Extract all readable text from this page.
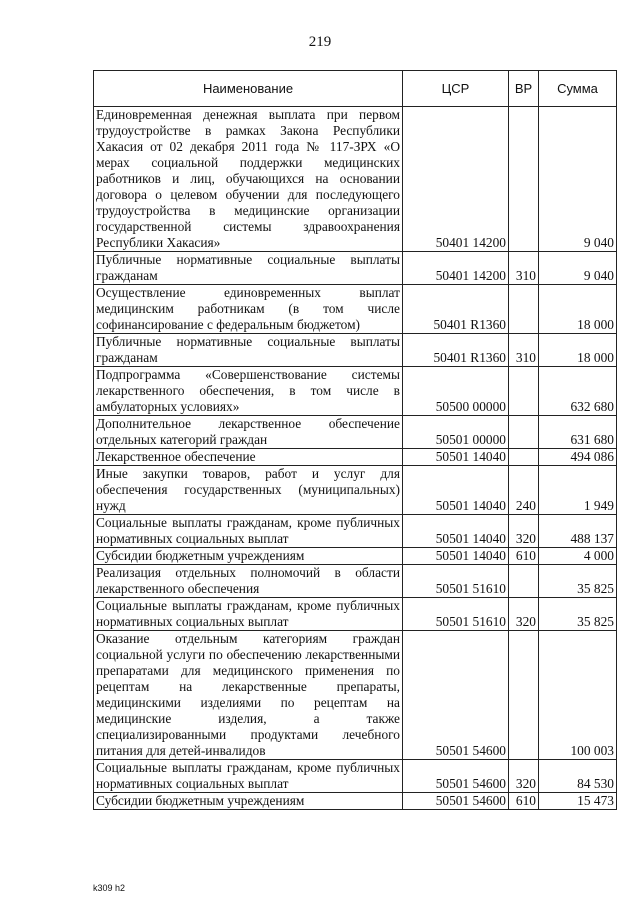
219
Наименование	ЦСР	ВР	Сумма
Единовременная денежная выплата при первом трудоустройстве в рамках Закона Республики Хакасия от 02 декабря 2011 года № 117-ЗРХ «О мерах социальной поддержки медицинских работников и лиц, обучающихся на основании договора о целевом обучении для последующего трудоустройства в медицинские организации государственной системы здравоохранения Республики Хакасия»	50401 14200		9 040
Публичные нормативные социальные выплаты гражданам	50401 14200	310	9 040
Осуществление единовременных выплат медицинским работникам (в том числе софинансирование с федеральным бюджетом)	50401 R1360		18 000
Публичные нормативные социальные выплаты гражданам	50401 R1360	310	18 000
Подпрограмма «Совершенствование системы лекарственного обеспечения, в том числе в амбулаторных условиях»	50500 00000		632 680
Дополнительное лекарственное обеспечение отдельных категорий граждан	50501 00000		631 680
Лекарственное обеспечение	50501 14040		494 086
Иные закупки товаров, работ и услуг для обеспечения государственных (муниципальных) нужд	50501 14040	240	1 949
Социальные выплаты гражданам, кроме публичных нормативных социальных выплат	50501 14040	320	488 137
Субсидии бюджетным учреждениям	50501 14040	610	4 000
Реализация отдельных полномочий в области лекарственного обеспечения	50501 51610		35 825
Социальные выплаты гражданам, кроме публичных нормативных социальных выплат	50501 51610	320	35 825
Оказание отдельным категориям граждан социальной услуги по обеспечению лекарственными препаратами для медицинского применения по рецептам на лекарственные препараты, медицинскими изделиями по рецептам на медицинские изделия, а также специализированными продуктами лечебного питания для детей-инвалидов	50501 54600		100 003
Социальные выплаты гражданам, кроме публичных нормативных социальных выплат	50501 54600	320	84 530
Субсидии бюджетным учреждениям	50501 54600	610	15 473
k309 h2
